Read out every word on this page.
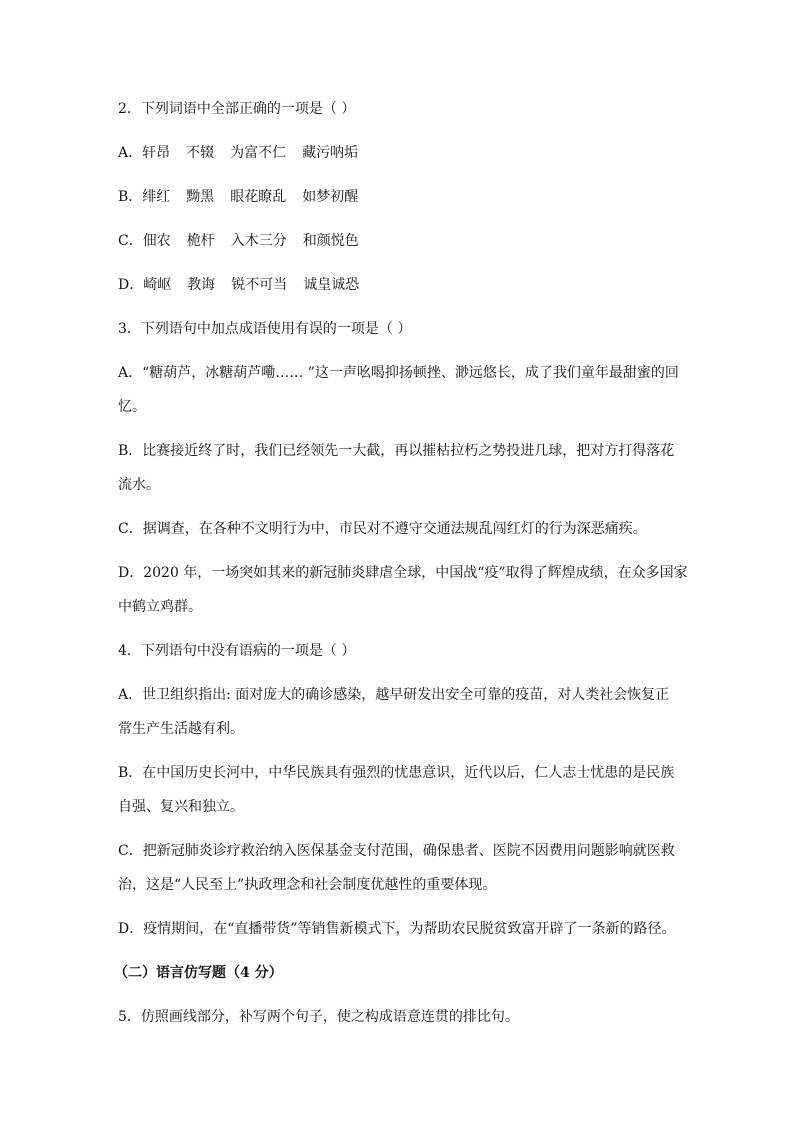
2．下列词语中全部正确的一项是（ ）

A．轩昂 不辍 为富不仁 藏污呐垢

B．绯红 黝黑 眼花瞭乱 如梦初醒

C．佃农 桅杆 入木三分 和颜悦色

D．崎岖 教诲 锐不可当 诚皇诚恐

3．下列语句中加点成语使用有误的一项是（ ）

A．“糖葫芦，冰糖葫芦嘞…… ”这一声吆喝抑扬顿挫、渺远悠长，成了我们童年最甜蜜的回

忆。

B．比赛接近终了时，我们已经领先一大截，再以摧枯拉朽之势投进几球，把对方打得落花

流水。

C．据调查，在各种不文明行为中，市民对不遵守交通法规乱闯红灯的行为深恶痛疾。

D．2020 年，一场突如其来的新冠肺炎肆虐全球，中国战“疫”取得了辉煌成绩，在众多国家

中鹤立鸡群。

4．下列语句中没有语病的一项是（ ）

A．世卫组织指出: 面对庞大的确诊感染，越早研发出安全可靠的疫苗，对人类社会恢复正

常生产生活越有利。

B．在中国历史长河中，中华民族具有强烈的忧患意识，近代以后，仁人志士忧患的是民族

自强、复兴和独立。

C．把新冠肺炎诊疗救治纳入医保基金支付范围，确保患者、医院不因费用问题影响就医救

治，这是“人民至上”执政理念和社会制度优越性的重要体现。

D．疫情期间，在“直播带货”等销售新模式下，为帮助农民脱贫致富开辟了一条新的路径。

（二）语言仿写题（4 分）

5．仿照画线部分，补写两个句子，使之构成语意连贯的排比句。
